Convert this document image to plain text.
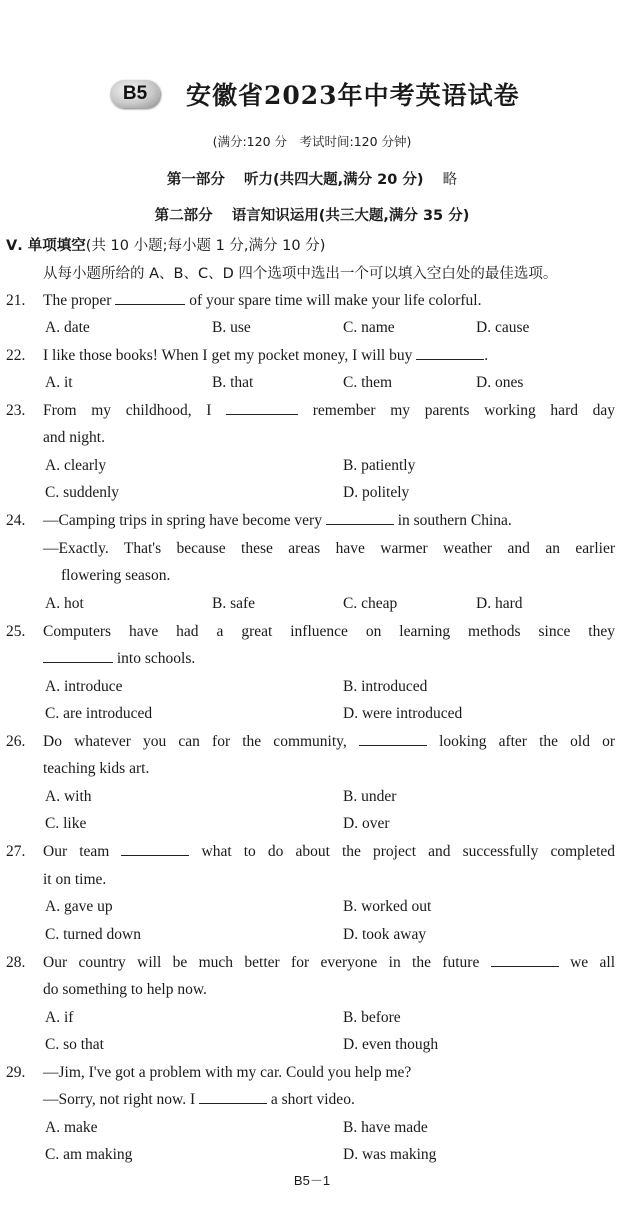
B5	安徽省2023年中考英语试卷
(满分:120 分　考试时间:120 分钟)
第一部分　 听力(共四大题,满分 20 分)　 略
第二部分　 语言知识运用(共三大题,满分 35 分)
Ⅴ. 单项填空(共 10 小题;每小题 1 分,满分 10 分)
从每小题所给的 A、B、C、D 四个选项中选出一个可以填入空白处的最佳选项。
21. The proper	of your spare time will make your life colorful.
A. date	B. use	C. name	D. cause
22. I like those books! When I get my pocket money, I will buy	.
A. it	B. that	C. them	D. ones
23. From my childhood, I	remember my parents working hard day
and night.
A. clearly	B. patiently
C. suddenly	D. politely
24. —Camping trips in spring have become very	in southern China.
—Exactly. That's because these areas have warmer weather and an earlier
flowering season.
A. hot	B. safe	C. cheap	D. hard
25. Computers have had a great influence on learning methods since they
into schools.
A. introduce	B. introduced
C. are introduced	D. were introduced
26. Do whatever you can for the community,	looking after the old or
teaching kids art.
A. with	B. under
C. like	D. over
27. Our team	what to do about the project and successfully completed
it on time.
A. gave up	B. worked out
C. turned down	D. took away
28. Our country will be much better for everyone in the future	we all
do something to help now.
A. if	B. before
C. so that	D. even though
29. —Jim, I've got a problem with my car. Could you help me?
—Sorry, not right now. I	a short video.
A. make	B. have made
C. am making	D. was making
B5－1
